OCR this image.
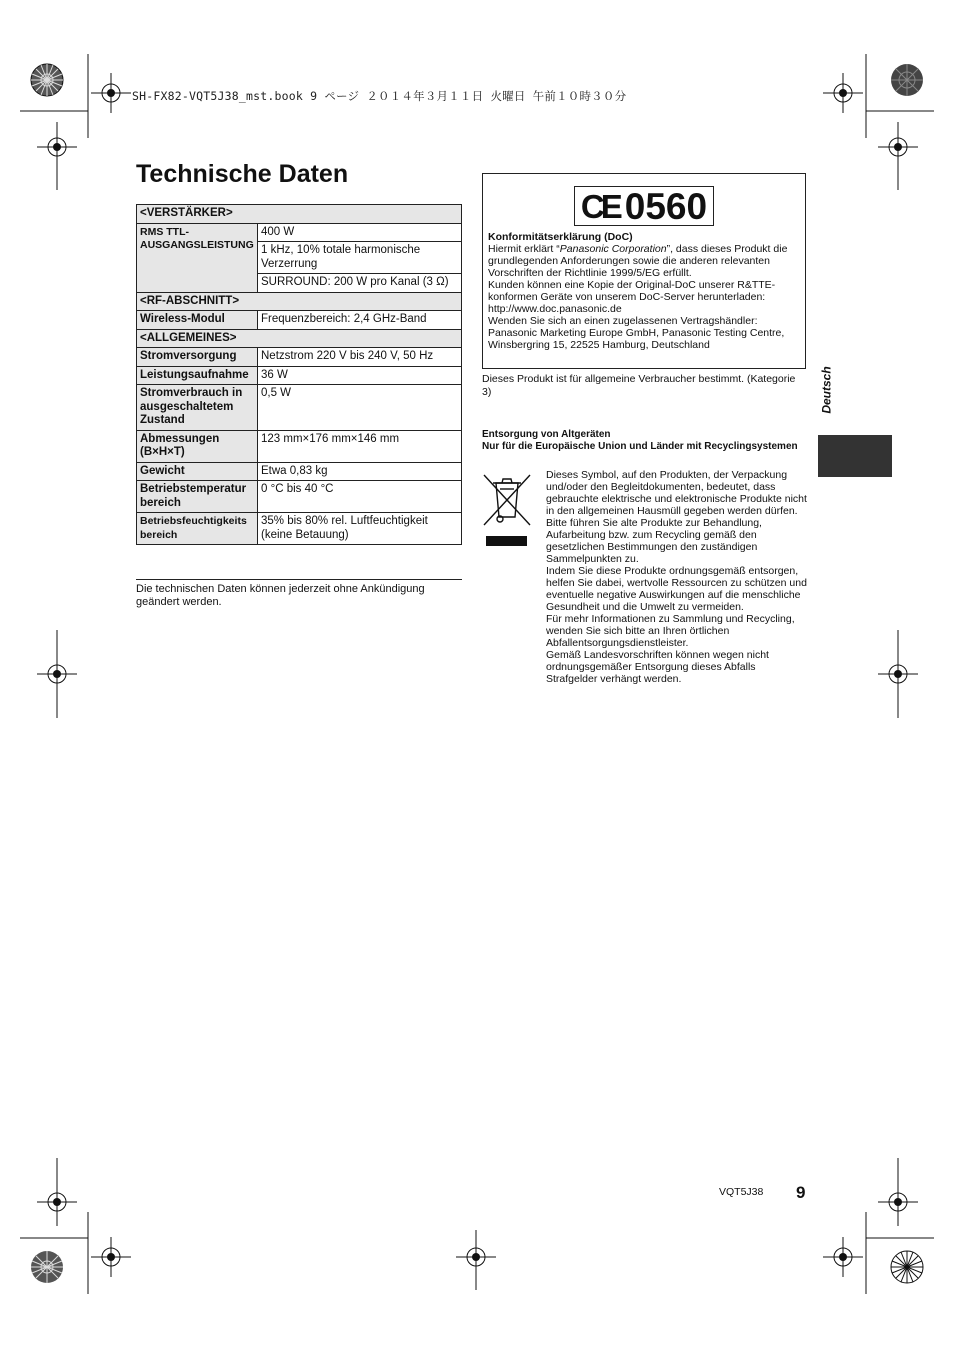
SH-FX82-VQT5J38_mst.book 9 ページ ２０１４年３月１１日 火曜日 午前１０時３０分
Technische Daten
<VERSTÄRKER>	
RMS TTL-AUSGANGSLEISTUNG	400 W
	1 kHz, 10% totale harmonische Verzerrung
	SURROUND: 200 W pro Kanal (3 Ω)
<RF-ABSCHNITT>	
Wireless-Modul	Frequenzbereich: 2,4 GHz-Band
<ALLGEMEINES>	
Stromversorgung	Netzstrom 220 V bis 240 V, 50 Hz
Leistungsaufnahme	36 W
Stromverbrauch in ausgeschaltetem Zustand	0,5 W
Abmessungen (B×H×T)	123 mm×176 mm×146 mm
Gewicht	Etwa 0,83 kg
Betriebstemperatur bereich	0 °C bis 40 °C
Betriebsfeuchtigkeits bereich	35% bis 80% rel. Luftfeuchtigkeit (keine Betauung)
Die technischen Daten können jederzeit ohne Ankündigung geändert werden.
CE 0560
Konformitätserklärung (DoC)
Hiermit erklärt “Panasonic Corporation”, dass dieses Produkt die grundlegenden Anforderungen sowie die anderen relevanten Vorschriften der Richtlinie 1999/5/EG erfüllt.
Kunden können eine Kopie der Original-DoC unserer R&TTE-konformen Geräte von unserem DoC-Server herunterladen:
http://www.doc.panasonic.de
Wenden Sie sich an einen zugelassenen Vertragshändler:
Panasonic Marketing Europe GmbH, Panasonic Testing Centre, Winsbergring 15, 22525 Hamburg, Deutschland
Dieses Produkt ist für allgemeine Verbraucher bestimmt. (Kategorie 3)
Entsorgung von Altgeräten
Nur für die Europäische Union und Länder mit Recyclingsystemen

Dieses Symbol, auf den Produkten, der Verpackung und/oder den Begleitdokumenten, bedeutet, dass gebrauchte elektrische und elektronische Produkte nicht in den allgemeinen Hausmüll gegeben werden dürfen.

Bitte führen Sie alte Produkte zur Behandlung, Aufarbeitung bzw. zum Recycling gemäß den gesetzlichen Bestimmungen den zuständigen Sammelpunkten zu.

Indem Sie diese Produkte ordnungsgemäß entsorgen, helfen Sie dabei, wertvolle Ressourcen zu schützen und eventuelle negative Auswirkungen auf die menschliche Gesundheit und die Umwelt zu vermeiden.

Für mehr Informationen zu Sammlung und Recycling, wenden Sie sich bitte an Ihren örtlichen Abfallentsorgungsdienstleister.

Gemäß Landesvorschriften können wegen nicht ordnungsgemäßer Entsorgung dieses Abfalls Strafgelder verhängt werden.

Deutsch
VQT5J38 9
